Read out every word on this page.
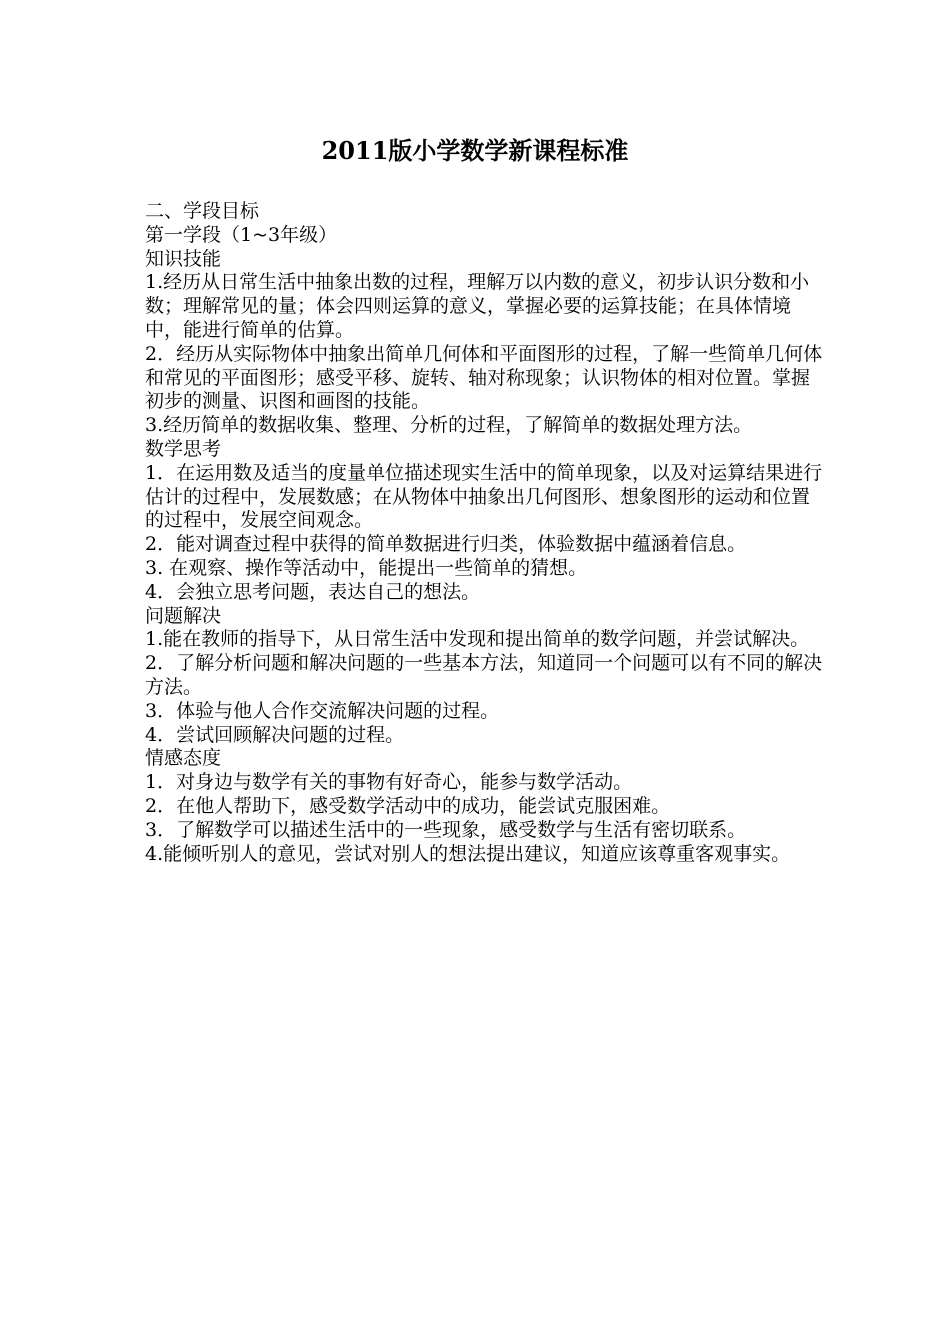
2011版小学数学新课程标准

二、学段目标

第一学段（1~3年级）

知识技能

1.经历从日常生活中抽象出数的过程，理解万以内数的意义，初步认识分数和小数；理解常见的量；体会四则运算的意义，掌握必要的运算技能；在具体情境中，能进行简单的估算。

2．经历从实际物体中抽象出简单几何体和平面图形的过程，了解一些简单几何体和常见的平面图形；感受平移、旋转、轴对称现象；认识物体的相对位置。掌握初步的测量、识图和画图的技能。

3.经历简单的数据收集、整理、分析的过程，了解简单的数据处理方法。

数学思考

1．在运用数及适当的度量单位描述现实生活中的简单现象，以及对运算结果进行估计的过程中，发展数感；在从物体中抽象出几何图形、想象图形的运动和位置的过程中，发展空间观念。

2．能对调查过程中获得的简单数据进行归类，体验数据中蕴涵着信息。

3. 在观察、操作等活动中，能提出一些简单的猜想。

4．会独立思考问题，表达自己的想法。

问题解决

1.能在教师的指导下，从日常生活中发现和提出简单的数学问题，并尝试解决。

2．了解分析问题和解决问题的一些基本方法，知道同一个问题可以有不同的解决方法。

3．体验与他人合作交流解决问题的过程。

4．尝试回顾解决问题的过程。

情感态度

1．对身边与数学有关的事物有好奇心，能参与数学活动。

2．在他人帮助下，感受数学活动中的成功，能尝试克服困难。

3．了解数学可以描述生活中的一些现象，感受数学与生活有密切联系。

4.能倾听别人的意见，尝试对别人的想法提出建议，知道应该尊重客观事实。
